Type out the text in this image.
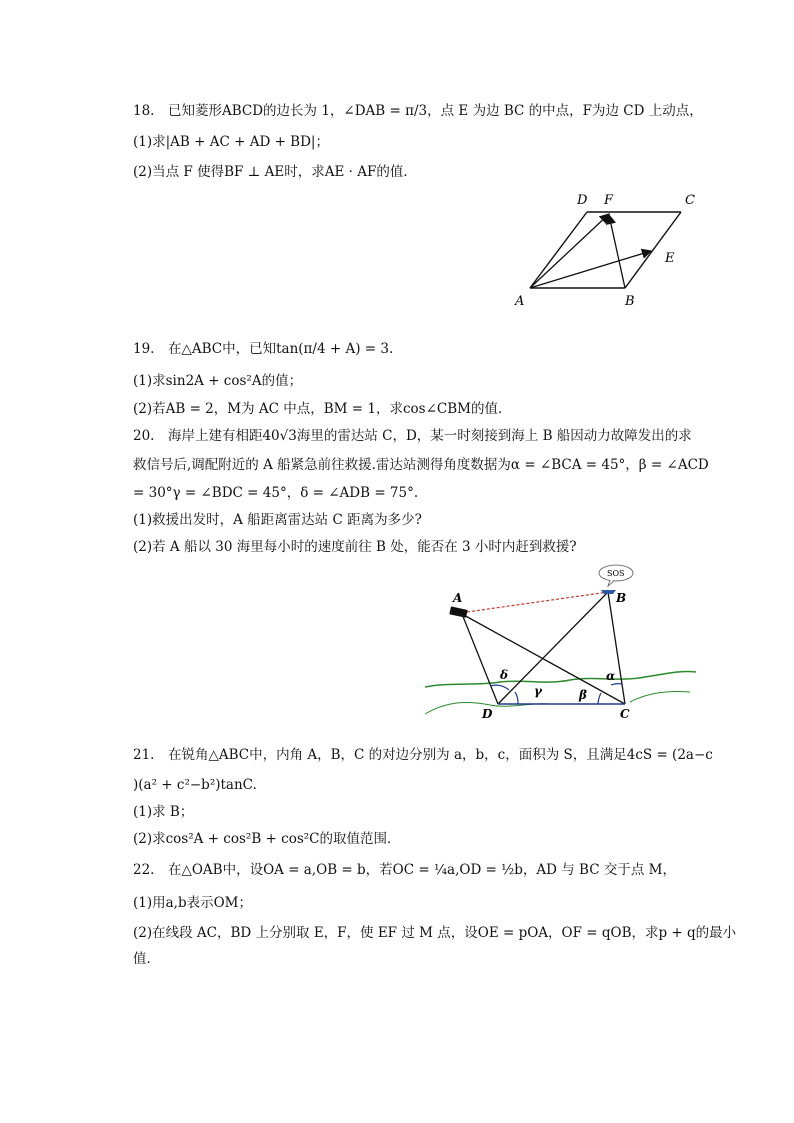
18.　已知菱形ABCD的边长为 1，∠DAB = π/3，点 E 为边 BC 的中点，F为边 CD 上动点，
(1)求|AB + AC + AD + BD|；
(2)当点 F 使得BF ⊥ AE时，求AE · AF的值．
A	B
C
D
E
F
19.　在△ABC中，已知tan(π/4 + A) = 3.
(1)求sin2A + cos²A的值；
(2)若AB = 2，M为 AC 中点，BM = 1，求cos∠CBM的值．
20.　海岸上建有相距40√3海里的雷达站 C，D，某一时刻接到海上 B 船因动力故障发出的求
救信号后,调配附近的 A 船紧急前往救援.雷达站测得角度数据为α = ∠BCA = 45°，β = ∠ACD
= 30°γ = ∠BDC = 45°，δ = ∠ADB = 75°.
(1)救援出发时，A 船距离雷达站 C 距离为多少?
(2)若 A 船以 30 海里每小时的速度前往 B 处，能否在 3 小时内赶到救援?
SOS
A	B
D	C
δ
γ	β
α
21.　在锐角△ABC中，内角 A，B，C 的对边分别为 a，b，c，面积为 S，且满足4cS = (2a−c
)(a² + c²−b²)tanC.
(1)求 B；
(2)求cos²A + cos²B + cos²C的取值范围．
22.　在△OAB中，设OA = a,OB = b，若OC = ¼a,OD = ½b，AD 与 BC 交于点 M，
(1)用a,b表示OM；
(2)在线段 AC，BD 上分别取 E，F，使 EF 过 M 点，设OE = pOA，OF = qOB，求p + q的最小
值．
